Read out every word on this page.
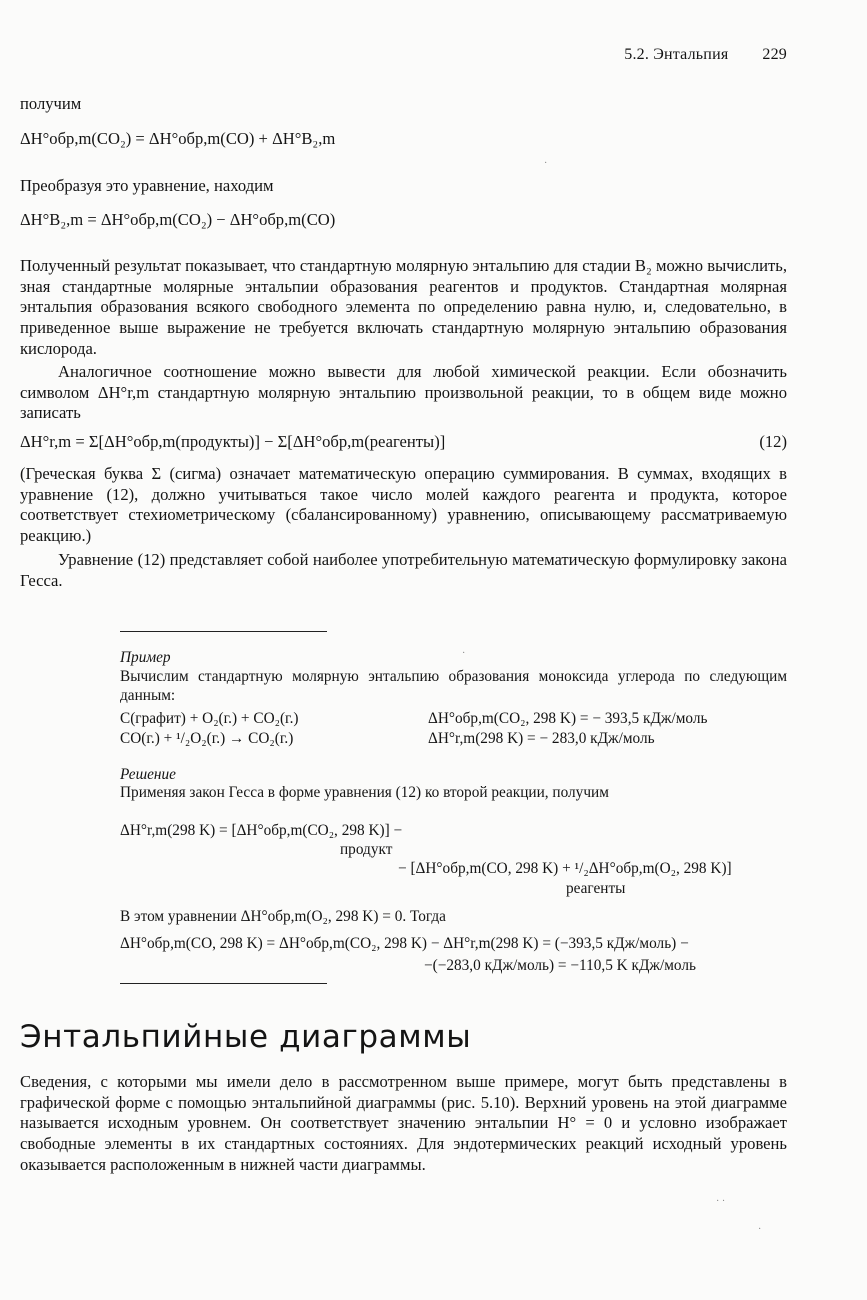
5.2. Энтальпия 229
получим
ΔH°обр,m(CO₂) = ΔH°обр,m(CO) + ΔH°B₂,m
Преобразуя это уравнение, находим
ΔH°B₂,m = ΔH°обр,m(CO₂) − ΔH°обр,m(CO)
Полученный результат показывает, что стандартную молярную энтальпию для стадии B₂ можно вычислить, зная стандартные молярные энтальпии образования реагентов и продуктов. Стандартная молярная энтальпия образования всякого свободного элемента по определению равна нулю, и, следовательно, в приведенное выше выражение не требуется включать стандартную молярную энтальпию образования кислорода.
Аналогичное соотношение можно вывести для любой химической реакции. Если обозначить символом ΔH°r,m стандартную молярную энтальпию произвольной реакции, то в общем виде можно записать
ΔH°r,m = Σ[ΔH°обр,m(продукты)] − Σ[ΔH°обр,m(реагенты)]	(12)
(Греческая буква Σ (сигма) означает математическую операцию суммирования. В суммах, входящих в уравнение (12), должно учитываться такое число молей каждого реагента и продукта, которое соответствует стехиометрическому (сбалансированному) уравнению, описывающему рассматриваемую реакцию.)
Уравнение (12) представляет собой наиболее употребительную математическую формулировку закона Гесса.
Пример
Вычислим стандартную молярную энтальпию образования моноксида углерода по следующим данным:
C(графит) + O₂(г.) + CO₂(г.)	ΔH°обр,m(CO₂, 298 K) = − 393,5 кДж/моль
CO(г.) + ¹/₂O₂(г.) → CO₂(г.)	ΔH°r,m(298 K) = − 283,0 кДж/моль
Решение
Применяя закон Гесса в форме уравнения (12) ко второй реакции, получим
ΔH°r,m(298 K) = [ΔH°обр,m(CO₂, 298 K)] −
продукт
− [ΔH°обр,m(CO, 298 K) + ¹/₂ΔH°обр,m(O₂, 298 K)]
реагенты
В этом уравнении ΔH°обр,m(O₂, 298 K) = 0. Тогда
ΔH°обр,m(CO, 298 K) = ΔH°обр,m(CO₂, 298 K) − ΔH°r,m(298 K) = (−393,5 кДж/моль) −
−(−283,0 кДж/моль) = −110,5 K кДж/моль
Энтальпийные диаграммы
Сведения, с которыми мы имели дело в рассмотренном выше примере, могут быть представлены в графической форме с помощью энтальпийной диаграммы (рис. 5.10). Верхний уровень на этой диаграмме называется исходным уровнем. Он соответствует значению энтальпии H° = 0 и условно изображает свободные элементы в их стандартных состояниях. Для эндотермических реакций исходный уровень оказывается расположенным в нижней части диаграммы.
·
·
· ·
·
